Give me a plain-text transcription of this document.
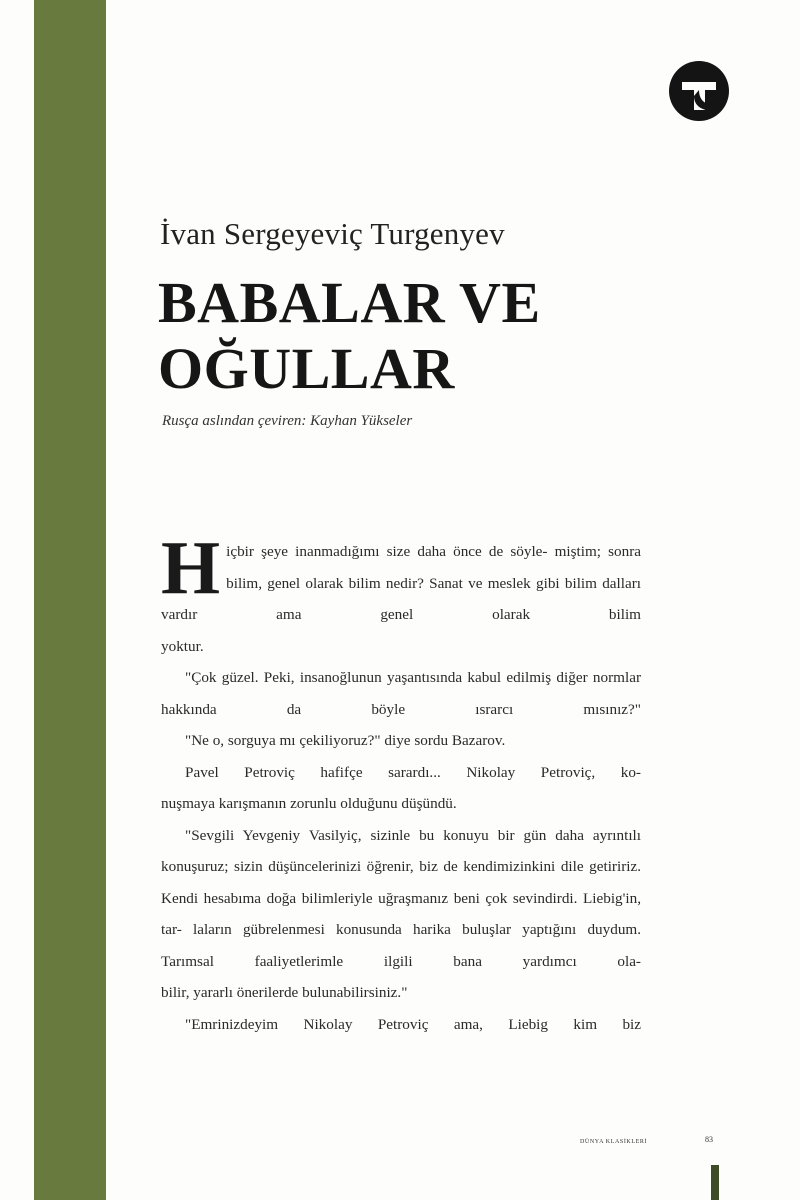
İvan Sergeyeviç Turgenyev
BABALAR VE
OĞULLAR
Rusça aslından çeviren: Kayhan Yükseler

H içbir şeye inanmadığımı size daha önce de söyle- miştim; sonra bilim, genel olarak bilim nedir? Sanat ve meslek gibi bilim dalları vardır ama genel olarak bilim

yoktur.

"Çok güzel. Peki, insanoğlunun yaşantısında kabul edilmiş diğer normlar hakkında da böyle ısrarcı mısınız?"

"Ne o, sorguya mı çekiliyoruz?" diye sordu Bazarov.

Pavel Petroviç hafifçe sarardı... Nikolay Petroviç, ko-

nuşmaya karışmanın zorunlu olduğunu düşündü.

"Sevgili Yevgeniy Vasilyiç, sizinle bu konuyu bir gün daha ayrıntılı konuşuruz; sizin düşüncelerinizi öğrenir, biz de kendimizinkini dile getiririz. Kendi hesabıma doğa bilimleriyle uğraşmanız beni çok sevindirdi. Liebig'in, tar- laların gübrelenmesi konusunda harika buluşlar yaptığını duydum. Tarımsal faaliyetlerimle ilgili bana yardımcı ola-

bilir, yararlı önerilerde bulunabilirsiniz."

"Emrinizdeyim Nikolay Petroviç ama, Liebig kim biz

DÜNYA KLASİKLERİ	83
